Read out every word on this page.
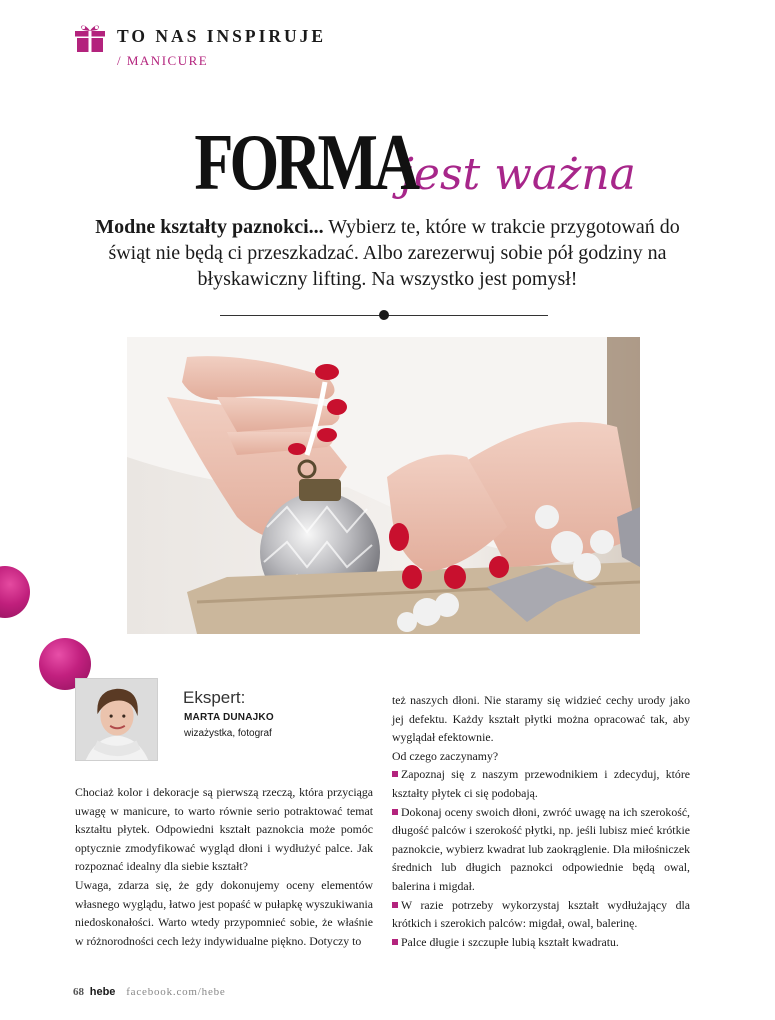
TO NAS INSPIRUJE
/ MANICURE
FORMAjest ważna
Modne kształty paznokci... Wybierz te, które w trakcie przygotowań do świąt nie będą ci przeszkadzać. Albo zarezerwuj sobie pół godziny na błyskawiczny lifting. Na wszystko jest pomysł!
Ekspert:
MARTA DUNAJKO
wizażystka, fotograf

Chociaż kolor i dekoracje są pierwszą rzeczą, która przyciąga uwagę w manicure, to warto równie serio potraktować temat kształtu płytek. Odpowiedni kształt paznokcia może pomóc optycznie zmodyfikować wygląd dłoni i wydłużyć palce. Jak rozpoznać idealny dla siebie kształt?

Uwaga, zdarza się, że gdy dokonujemy oceny elementów własnego wyglądu, łatwo jest popaść w pułapkę wyszukiwania niedoskonałości. Warto wtedy przypomnieć sobie, że właśnie w różnorodności cech leży indywidualne piękno. Dotyczy to

też naszych dłoni. Nie staramy się widzieć cechy urody jako jej defektu. Każdy kształt płytki można opracować tak, aby wyglądał efektownie.

Od czego zaczynamy?

Zapoznaj się z naszym przewodnikiem i zdecyduj, które kształty płytek ci się podobają.

Dokonaj oceny swoich dłoni, zwróć uwagę na ich szerokość, długość palców i szerokość płytki, np. jeśli lubisz mieć krótkie paznokcie, wybierz kwadrat lub zaokrąglenie. Dla miłośniczek średnich lub długich paznokci odpowiednie będą owal, balerina i migdał.

W razie potrzeby wykorzystaj kształt wydłużający dla krótkich i szerokich palców: migdał, owal, balerinę.

Palce długie i szczupłe lubią kształt kwadratu.

68 hebe facebook.com/hebe
